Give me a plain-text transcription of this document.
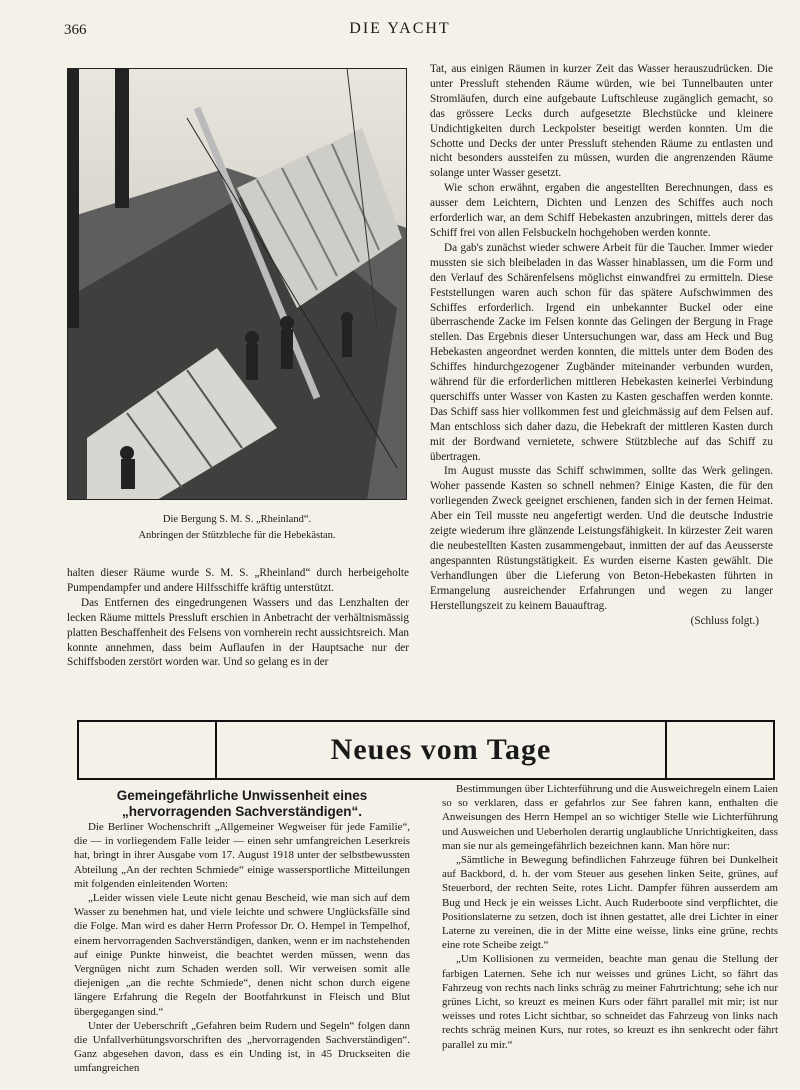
366	DIE YACHT
Die Bergung S. M. S. „Rheinland“.
Anbringen der Stützbleche für die Hebekästan.

halten dieser Räume wurde S. M. S. „Rheinland“ durch herbeigeholte Pumpendampfer und andere Hilfsschiffe kräftig unterstützt.

Das Entfernen des eingedrungenen Wassers und das Lenzhalten der lecken Räume mittels Pressluft erschien in Anbetracht der verhältnismässig platten Beschaffenheit des Felsens von vornherein recht aussichtsreich. Man konnte annehmen, dass beim Auflaufen in der Hauptsache nur der Schiffsboden zerstört worden war. Und so gelang es in der

Tat, aus einigen Räumen in kurzer Zeit das Wasser herauszudrücken. Die unter Pressluft stehenden Räume würden, wie bei Tunnelbauten unter Stromläufen, durch eine aufgebaute Luftschleuse zugänglich gemacht, so das grössere Lecks durch aufgesetzte Blechstücke und kleinere Undichtigkeiten durch Leckpolster beseitigt werden konnten. Um die Schotte und Decks der unter Pressluft stehenden Räume zu entlasten und nicht besonders aussteifen zu müssen, wurden die angrenzenden Räume solange unter Wasser gesetzt.

Wie schon erwähnt, ergaben die angestellten Berechnungen, dass es ausser dem Leichtern, Dichten und Lenzen des Schiffes auch noch erforderlich war, an dem Schiff Hebekasten anzubringen, mittels derer das Schiff frei von allen Felsbuckeln hochgehoben werden konnte.

Da gab's zunächst wieder schwere Arbeit für die Taucher. Immer wieder mussten sie sich bleibeladen in das Wasser hinablassen, um die Form und den Verlauf des Schärenfelsens möglichst einwandfrei zu ermitteln. Diese Feststellungen waren auch schon für das spätere Aufschwimmen des Schiffes erforderlich. Irgend ein unbekannter Buckel oder eine überraschende Zacke im Felsen konnte das Gelingen der Bergung in Frage stellen. Das Ergebnis dieser Untersuchungen war, dass am Heck und Bug Hebekasten angeordnet werden konnten, die mittels unter dem Boden des Schiffes hindurchgezogener Zugbänder miteinander verbunden wurden, während für die erforderlichen mittleren Hebekasten keinerlei Verbindung querschiffs unter Wasser von Kasten zu Kasten geschaffen werden konnte. Das Schiff sass hier vollkommen fest und gleichmässig auf dem Felsen auf. Man entschloss sich daher dazu, die Hebekraft der mittleren Kasten durch mit der Bordwand vernietete, schwere Stützbleche auf das Schiff zu übertragen.

Im August musste das Schiff schwimmen, sollte das Werk gelingen. Woher passende Kasten so schnell nehmen? Einige Kasten, die für den vorliegenden Zweck geeignet erschienen, fanden sich in der fernen Heimat. Aber ein Teil musste neu angefertigt werden. Und die deutsche Industrie zeigte wiederum ihre glänzende Leistungsfähigkeit. In kürzester Zeit waren die neubestellten Kasten zusammengebaut, inmitten der auf das Aeusserste angespannten Rüstungstätigkeit. Es wurden eiserne Kasten gewählt. Die Verhandlungen über die Lieferung von Beton-Hebekasten führten in Ermangelung ausreichender Erfahrungen und wegen zu langer Herstellungszeit zu keinem Bauauftrag.

(Schluss folgt.)

Neues vom Tage
Gemeingefährliche Unwissenheit eines „hervorragenden Sachverständigen“.

Die Berliner Wochenschrift „Allgemeiner Wegweiser für jede Familie“, die — in vorliegendem Falle leider — einen sehr umfangreichen Leserkreis hat, bringt in ihrer Ausgabe vom 17. August 1918 unter der selbstbewussten Abteilung „An der rechten Schmiede“ einige wassersportliche Mitteilungen mit folgenden einleitenden Worten:

„Leider wissen viele Leute nicht genau Bescheid, wie man sich auf dem Wasser zu benehmen hat, und viele leichte und schwere Unglücksfälle sind die Folge. Man wird es daher Herrn Professor Dr. O. Hempel in Tempelhof, einem hervorragenden Sachverständigen, danken, wenn er im nachstehenden auf einige Punkte hinweist, die beachtet werden müssen, wenn das Vergnügen nicht zum Schaden werden soll. Wir verweisen somit alle diejenigen „an die rechte Schmiede“, denen nicht schon durch eigene längere Erfahrung die Regeln der Bootfahrkunst in Fleisch und Blut übergegangen sind.“

Unter der Ueberschrift „Gefahren beim Rudern und Segeln“ folgen dann die Unfallverhütungsvorschriften des „hervorragenden Sachverständigen“. Ganz abgesehen davon, dass es ein Unding ist, in 45 Druckseiten die umfangreichen

Bestimmungen über Lichterführung und die Ausweichregeln einem Laien so so verklaren, dass er gefahrlos zur See fahren kann, enthalten die Anweisungen des Herrn Hempel an so wichtiger Stelle wie Lichterführung und Ausweichen und Ueberholen derartig unglaubliche Unrichtigkeiten, dass man sie nur als gemeingefährlich bezeichnen kann. Man höre nur:

„Sämtliche in Bewegung befindlichen Fahrzeuge führen bei Dunkelheit auf Backbord, d. h. der vom Steuer aus gesehen linken Seite, grünes, auf Steuerbord, der rechten Seite, rotes Licht. Dampfer führen ausserdem am Bug und Heck je ein weisses Licht. Auch Ruderboote sind verpflichtet, die Positionslaterne zu setzen, doch ist ihnen gestattet, alle drei Lichter in einer Laterne zu vereinen, die in der Mitte eine weisse, links eine grüne, rechts eine rote Scheibe zeigt.“

„Um Kollisionen zu vermeiden, beachte man genau die Stellung der farbigen Laternen. Sehe ich nur weisses und grünes Licht, so fährt das Fahrzeug von rechts nach links schräg zu meiner Fahrtrichtung; sehe ich nur grünes Licht, so kreuzt es meinen Kurs oder fährt parallel mit mir; ist nur weisses und rotes Licht sichtbar, so schneidet das Fahrzeug von links nach rechts schräg meinen Kurs, nur rotes, so kreuzt es ihn senkrecht oder fährt parallel zu mir.“
